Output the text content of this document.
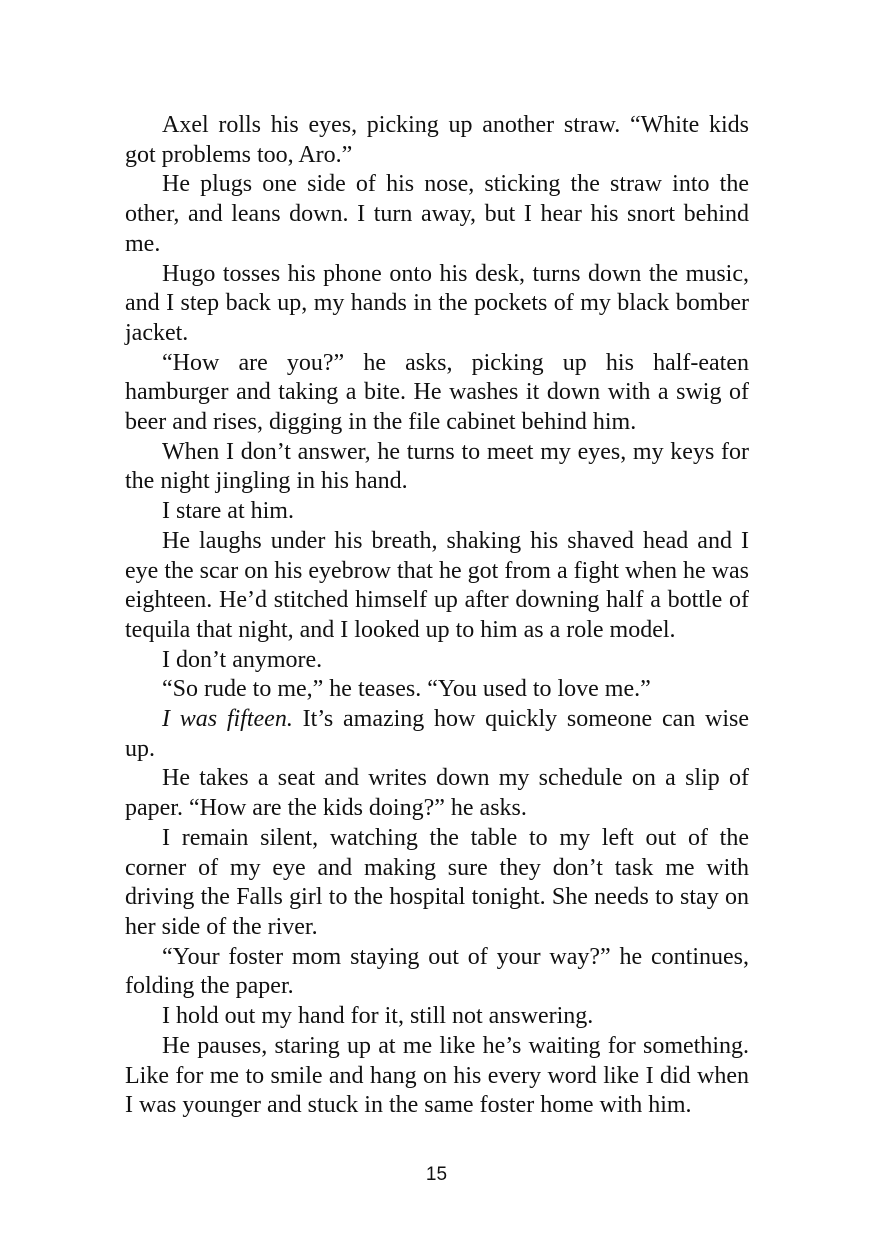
Axel rolls his eyes, picking up another straw. “White kids got problems too, Aro.”

He plugs one side of his nose, sticking the straw into the other, and leans down. I turn away, but I hear his snort behind me.

Hugo tosses his phone onto his desk, turns down the music, and I step back up, my hands in the pockets of my black bomber jacket.

“How are you?” he asks, picking up his half-eaten hamburger and taking a bite. He washes it down with a swig of beer and rises, digging in the file cabinet behind him.

When I don’t answer, he turns to meet my eyes, my keys for the night jingling in his hand.

I stare at him.

He laughs under his breath, shaking his shaved head and I eye the scar on his eyebrow that he got from a fight when he was eighteen. He’d stitched himself up after downing half a bottle of tequila that night, and I looked up to him as a role model.

I don’t anymore.

“So rude to me,” he teases. “You used to love me.”

I was fifteen. It’s amazing how quickly someone can wise up.

He takes a seat and writes down my schedule on a slip of paper. “How are the kids doing?” he asks.

I remain silent, watching the table to my left out of the corner of my eye and making sure they don’t task me with driving the Falls girl to the hospital tonight. She needs to stay on her side of the river.

“Your foster mom staying out of your way?” he continues, folding the paper.

I hold out my hand for it, still not answering.

He pauses, staring up at me like he’s waiting for something. Like for me to smile and hang on his every word like I did when I was younger and stuck in the same foster home with him.

15
